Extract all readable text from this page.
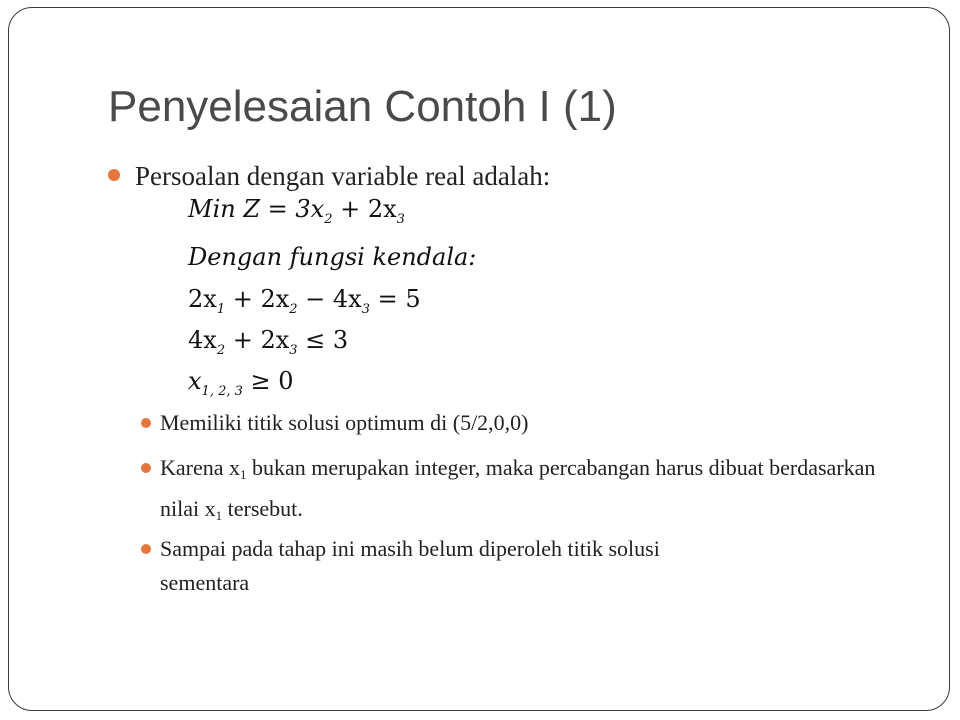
Penyelesaian Contoh I (1)
Persoalan dengan variable real adalah:
Min $Z = 3x_2 + 2x_3$
Dengan fungsi kendala:
$2x_1 + 2x_2 - 4x_3 = 5$
$4x_2 + 2x_3 \le 3$
$x_{1, 2, 3} \ge 0$
Memiliki titik solusi optimum di (5/2,0,0)
Karena $x_1$ bukan merupakan integer, maka percabangan harus dibuat berdasarkan nilai $x_1$ tersebut.
Sampai pada tahap ini masih belum diperoleh titik solusi sementara
